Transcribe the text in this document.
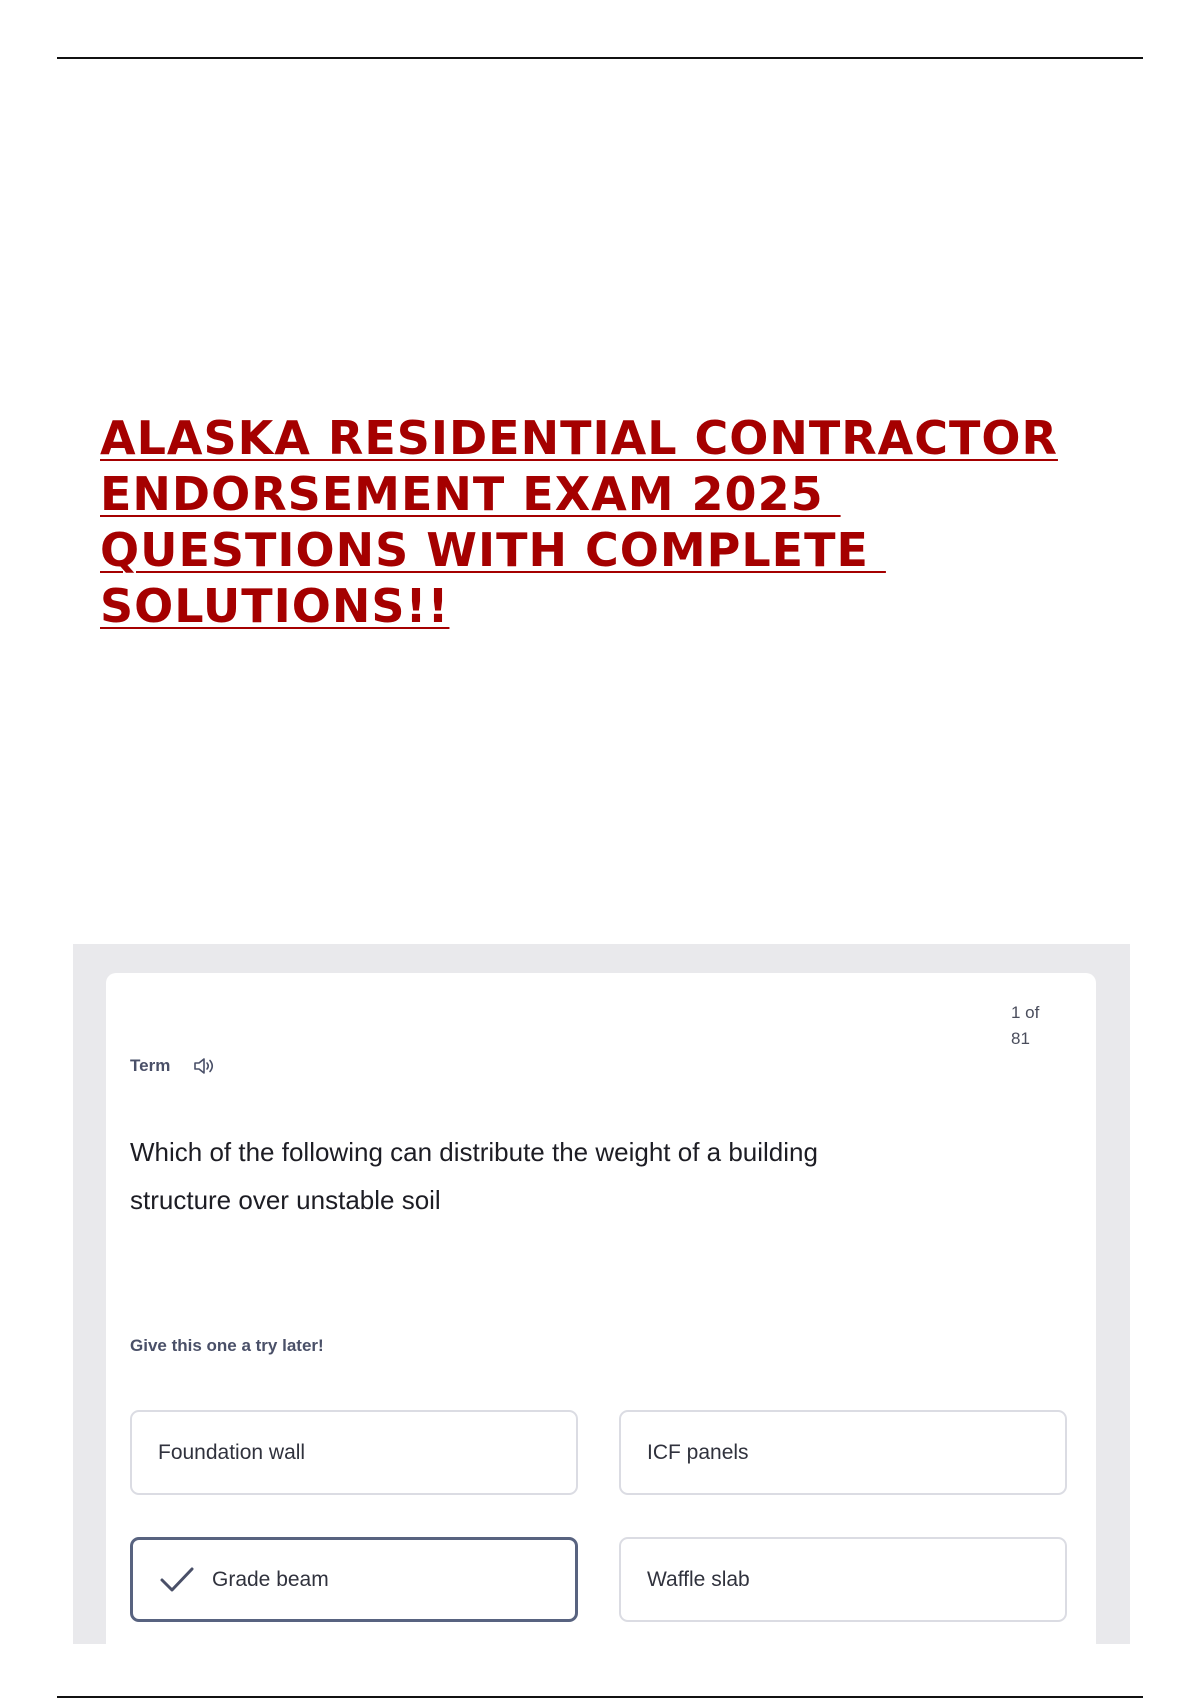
ALASKA RESIDENTIAL CONTRACTOR
ENDORSEMENT EXAM 2025
QUESTIONS WITH COMPLETE
SOLUTIONS!!
1 of
81
Term
Which of the following can distribute the weight of a building structure over unstable soil
Give this one a try later!
Foundation wall	ICF panels
Grade beam	Waffle slab
